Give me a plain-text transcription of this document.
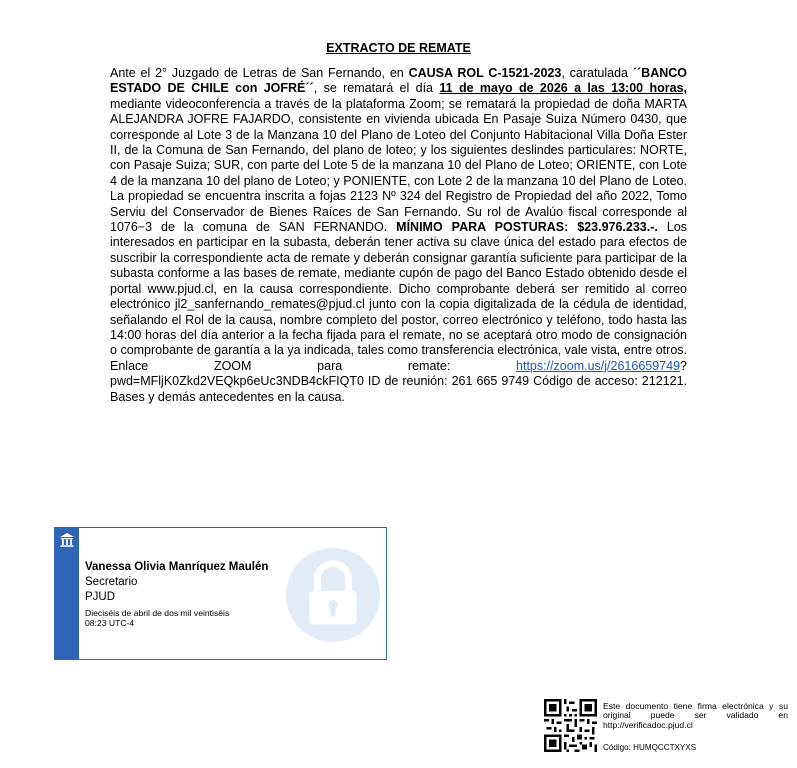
EXTRACTO DE REMATE
Ante el 2° Juzgado de Letras de San Fernando, en CAUSA ROL C-1521-2023, caratulada ´´BANCO ESTADO DE CHILE con JOFRÉ´´, se rematará el día 11 de mayo de 2026 a las 13:00 horas, mediante videoconferencia a través de la plataforma Zoom; se rematará la propiedad de doña MARTA ALEJANDRA JOFRE FAJARDO, consistente en vivienda ubicada En Pasaje Suiza Número 0430, que corresponde al Lote 3 de la Manzana 10 del Plano de Loteo del Conjunto Habitacional Villa Doña Ester II, de la Comuna de San Fernando, del plano de loteo; y los siguientes deslindes particulares: NORTE, con Pasaje Suiza; SUR, con parte del Lote 5 de la manzana 10 del Plano de Loteo; ORIENTE, con Lote 4 de la manzana 10 del plano de Loteo; y PONIENTE, con Lote 2 de la manzana 10 del Plano de Loteo. La propiedad se encuentra inscrita a fojas 2123 Nº 324 del Registro de Propiedad del año 2022, Tomo Serviu del Conservador de Bienes Raíces de San Fernando. Su rol de Avalúo fiscal corresponde al 1076−3 de la comuna de SAN FERNANDO. MÍNIMO PARA POSTURAS: $23.976.233.-. Los interesados en participar en la subasta, deberán tener activa su clave única del estado para efectos de suscribir la correspondiente acta de remate y deberán consignar garantía suficiente para participar de la subasta conforme a las bases de remate, mediante cupón de pago del Banco Estado obtenido desde el portal www.pjud.cl, en la causa correspondiente. Dicho comprobante deberá ser remitido al correo electrónico jl2_sanfernando_remates@pjud.cl junto con la copia digitalizada de la cédula de identidad, señalando el Rol de la causa, nombre completo del postor, correo electrónico y teléfono, todo hasta las 14:00 horas del día anterior a la fecha fijada para el remate, no se aceptará otro modo de consignación o comprobante de garantía a la ya indicada, tales como transferencia electrónica, vale vista, entre otros. Enlace ZOOM para remate: https://zoom.us/j/2616659749?pwd=MFljK0Zkd2VEQkp6eUc3NDB4ckFIQT0 ID de reunión: 261 665 9749 Código de acceso: 212121. Bases y demás antecedentes en la causa.
Vanessa Olivia Manríquez Maulén
Secretario
PJUD
Dieciséis de abril de dos mil veintiséis
08:23 UTC-4
Este documento tiene firma electrónica y su original puede ser validado en http://verificadoc.pjud.cl
Código: HUMQCCTXYXS
